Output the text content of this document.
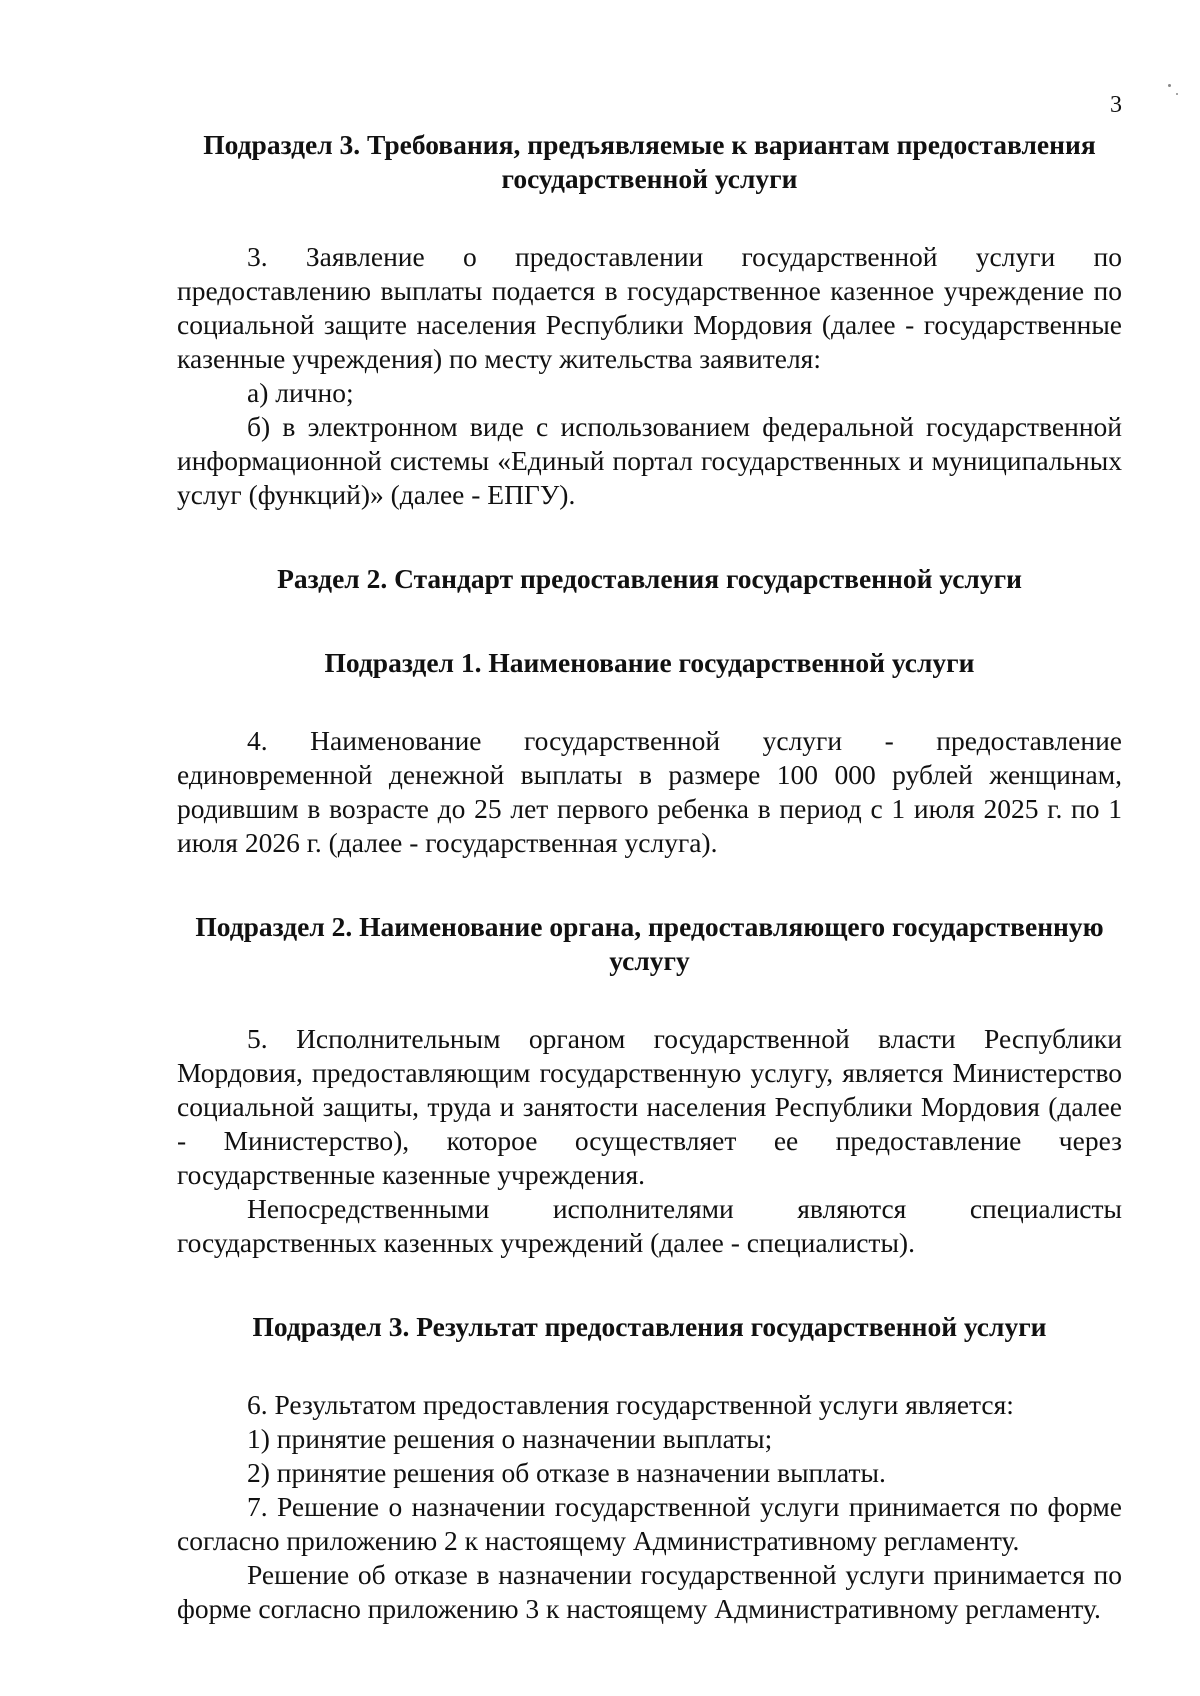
3
Подраздел 3. Требования, предъявляемые к вариантам предоставления государственной услуги

3. Заявление о предоставлении государственной услуги по предоставлению выплаты подается в государственное казенное учреждение по социальной защите населения Республики Мордовия (далее - государственные казенные учреждения) по месту жительства заявителя:

а) лично;

б) в электронном виде с использованием федеральной государственной информационной системы «Единый портал государственных и муниципальных услуг (функций)» (далее - ЕПГУ).

Раздел 2. Стандарт предоставления государственной услуги
Подраздел 1. Наименование государственной услуги

4. Наименование государственной услуги - предоставление единовременной денежной выплаты в размере 100 000 рублей женщинам, родившим в возрасте до 25 лет первого ребенка в период с 1 июля 2025 г. по 1 июля 2026 г. (далее - государственная услуга).

Подраздел 2. Наименование органа, предоставляющего государственную услугу

5. Исполнительным органом государственной власти Республики Мордовия, предоставляющим государственную услугу, является Министерство социальной защиты, труда и занятости населения Республики Мордовия (далее - Министерство), которое осуществляет ее предоставление через государственные казенные учреждения.

Непосредственными исполнителями являются специалисты государственных казенных учреждений (далее - специалисты).

Подраздел 3. Результат предоставления государственной услуги
6. Результатом предоставления государственной услуги является:
1) принятие решения о назначении выплаты;
2) принятие решения об отказе в назначении выплаты.

7. Решение о назначении государственной услуги принимается по форме согласно приложению 2 к настоящему Административному регламенту.

Решение об отказе в назначении государственной услуги принимается по форме согласно приложению 3 к настоящему Административному регламенту.
